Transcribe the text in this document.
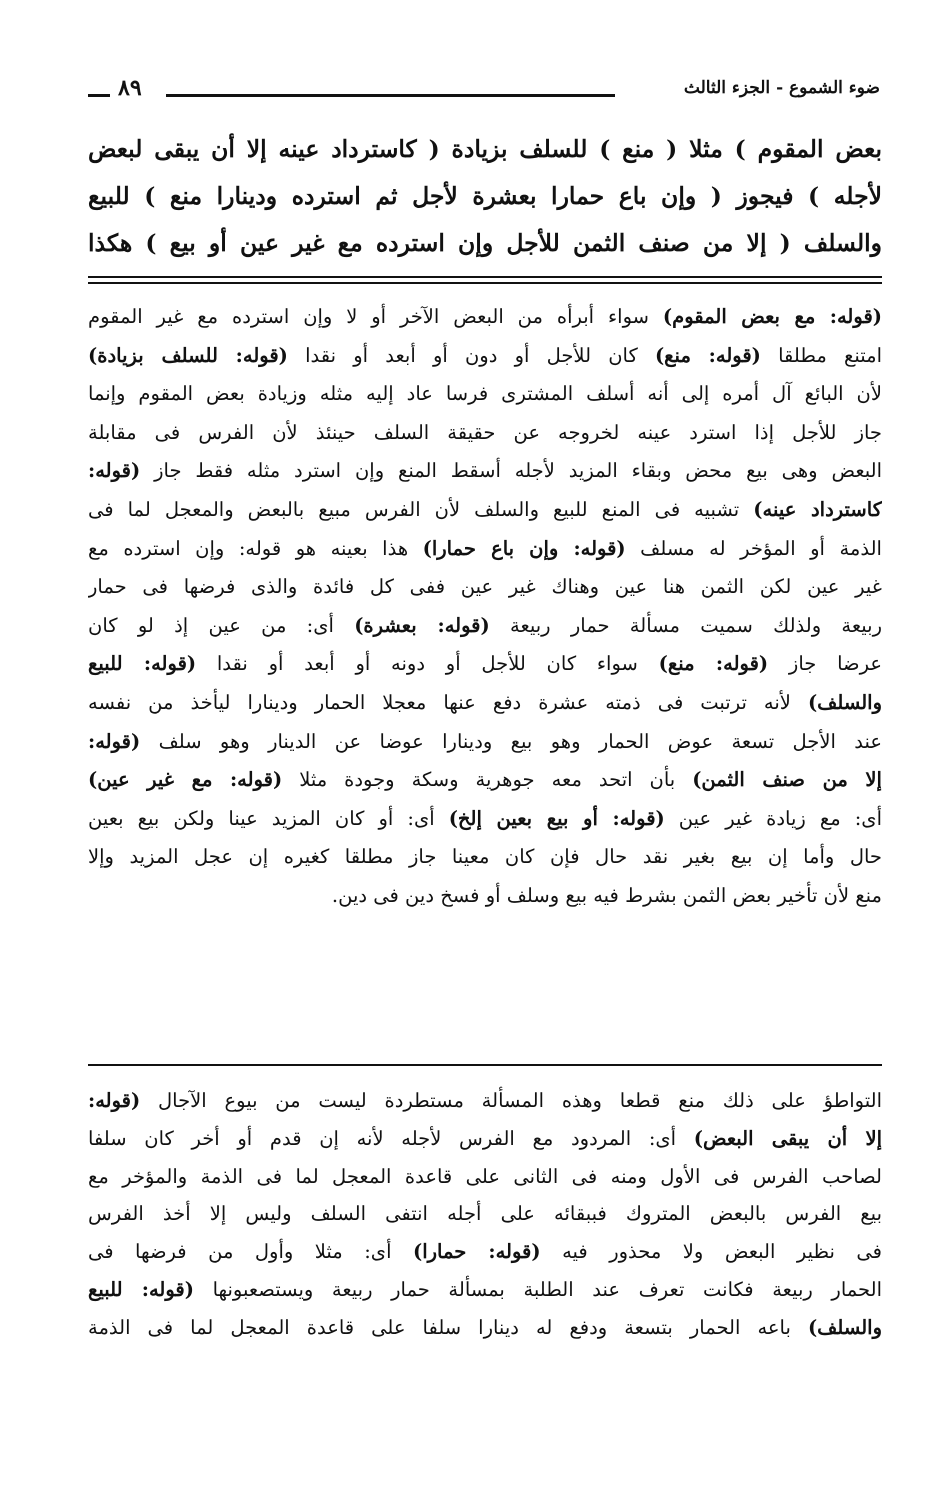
ضوء الشموع - الجزء الثالث
٨٩
بعض المقوم ) مثلا ( منع ) للسلف بزيادة ( كاسترداد عينه إلا أن يبقى لبعض
لأجله ) فيجوز ( وإن باع حمارا بعشرة لأجل ثم استرده ودينارا منع ) للبيع
والسلف ( إلا من صنف الثمن للأجل وإن استرده مع غير عين أو بيع ) هكذا
(قوله: مع بعض المقوم) سواء أبرأه من البعض الآخر أو لا وإن استرده مع غير المقوم
امتنع مطلقا (قوله: منع) كان للأجل أو دون أو أبعد أو نقدا (قوله: للسلف بزيادة)
لأن البائع آل أمره إلى أنه أسلف المشترى فرسا عاد إليه مثله وزيادة بعض المقوم وإنما
جاز للأجل إذا استرد عينه لخروجه عن حقيقة السلف حينئذ لأن الفرس فى مقابلة
البعض وهى بيع محض وبقاء المزيد لأجله أسقط المنع وإن استرد مثله فقط جاز (قوله:
كاسترداد عينه) تشبيه فى المنع للبيع والسلف لأن الفرس مبيع بالبعض والمعجل لما فى
الذمة أو المؤخر له مسلف (قوله: وإن باع حمارا) هذا بعينه هو قوله: وإن استرده مع
غير عين لكن الثمن هنا عين وهناك غير عين ففى كل فائدة والذى فرضها فى حمار
ربيعة ولذلك سميت مسألة حمار ربيعة (قوله: بعشرة) أى: من عين إذ لو كان
عرضا جاز (قوله: منع) سواء كان للأجل أو دونه أو أبعد أو نقدا (قوله: للبيع
والسلف) لأنه ترتبت فى ذمته عشرة دفع عنها معجلا الحمار ودينارا ليأخذ من نفسه
عند الأجل تسعة عوض الحمار وهو بيع ودينارا عوضا عن الدينار وهو سلف (قوله:
إلا من صنف الثمن) بأن اتحد معه جوهرية وسكة وجودة مثلا (قوله: مع غير عين)
أى: مع زيادة غير عين (قوله: أو بيع بعين إلخ) أى: أو كان المزيد عينا ولكن بيع بعين
حال وأما إن بيع بغير نقد حال فإن كان معينا جاز مطلقا كغيره إن عجل المزيد وإلا
منع لأن تأخير بعض الثمن بشرط فيه بيع وسلف أو فسخ دين فى دين.
التواطؤ على ذلك منع قطعا وهذه المسألة مستطردة ليست من بيوع الآجال (قوله:
إلا أن يبقى البعض) أى: المردود مع الفرس لأجله لأنه إن قدم أو أخر كان سلفا
لصاحب الفرس فى الأول ومنه فى الثانى على قاعدة المعجل لما فى الذمة والمؤخر مع
بيع الفرس بالبعض المتروك فببقائه على أجله انتفى السلف وليس إلا أخذ الفرس
فى نظير البعض ولا محذور فيه (قوله: حمارا) أى: مثلا وأول من فرضها فى
الحمار ربيعة فكانت تعرف عند الطلبة بمسألة حمار ربيعة ويستصعبونها (قوله: للبيع
والسلف) باعه الحمار بتسعة ودفع له دينارا سلفا على قاعدة المعجل لما فى الذمة
